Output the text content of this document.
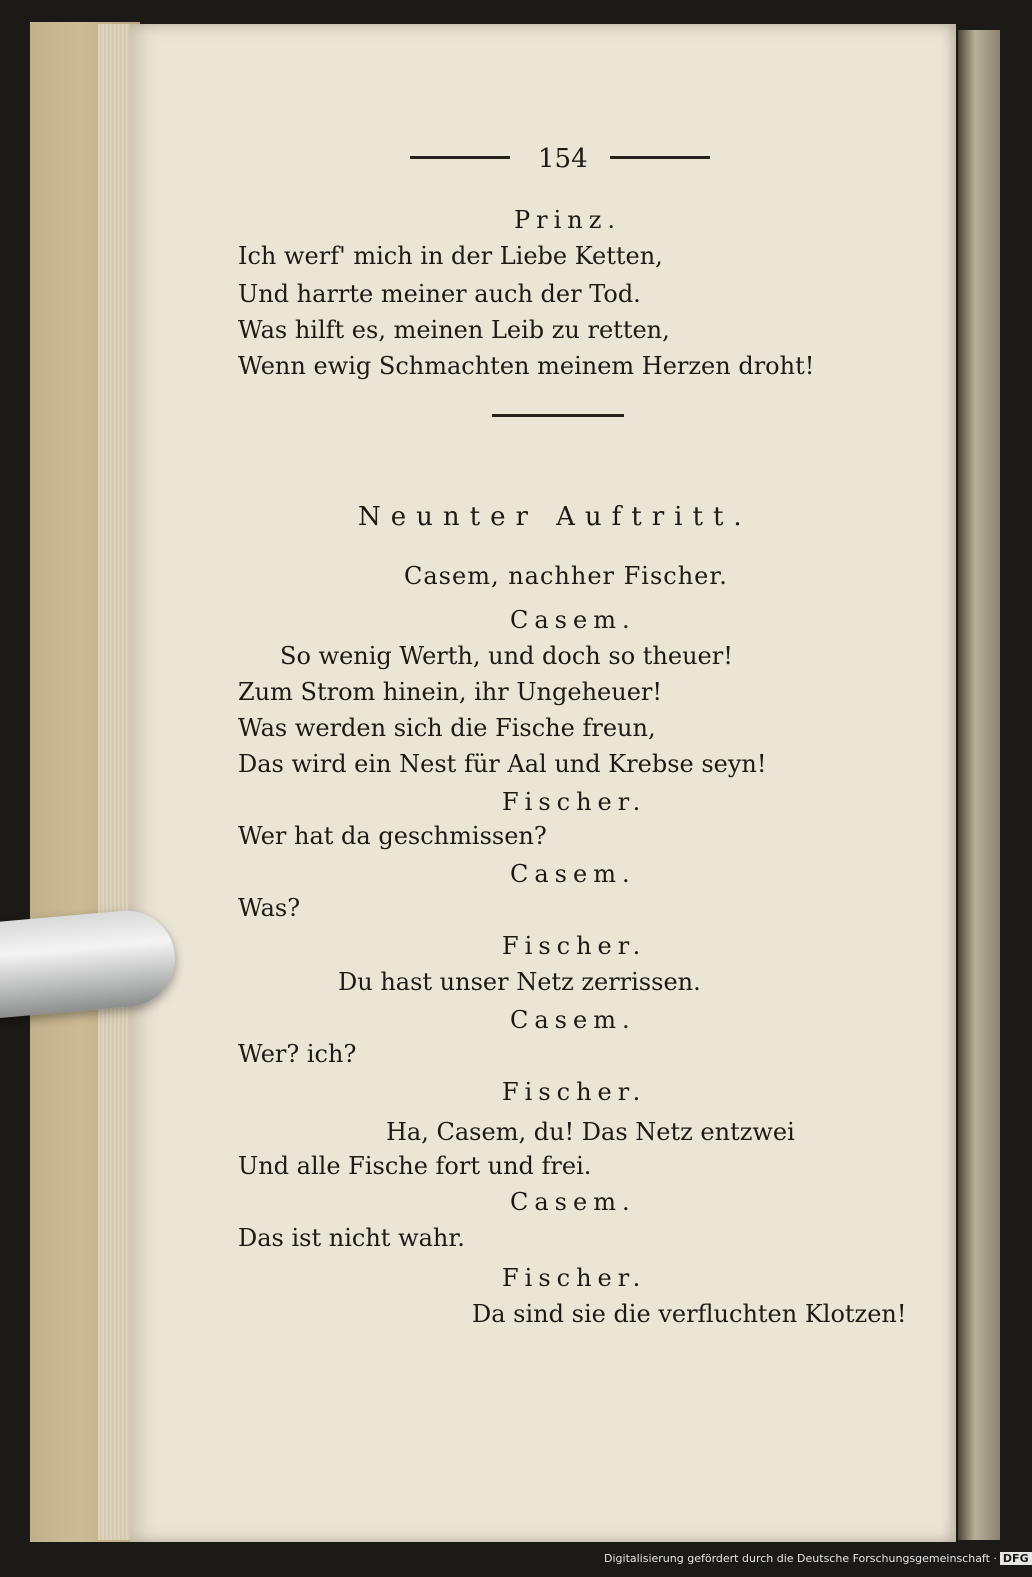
154
Prinz.
Ich werf' mich in der Liebe Ketten,
Und harrte meiner auch der Tod.
Was hilft es, meinen Leib zu retten,
Wenn ewig Schmachten meinem Herzen droht!
Neunter Auftritt.
Casem, nachher Fischer.
Casem.
So wenig Werth, und doch so theuer!
Zum Strom hinein, ihr Ungeheuer!
Was werden sich die Fische freun,
Das wird ein Nest für Aal und Krebse seyn!
Fischer.
Wer hat da geschmissen?
Casem.
Was?
Fischer.
Du hast unser Netz zerrissen.
Casem.
Wer? ich?
Fischer.
Ha, Casem, du! Das Netz entzwei
Und alle Fische fort und frei.
Casem.
Das ist nicht wahr.
Fischer.
Da sind sie die verfluchten Klotzen!
Digitalisierung gefördert durch die Deutsche Forschungsgemeinschaft · DFG
